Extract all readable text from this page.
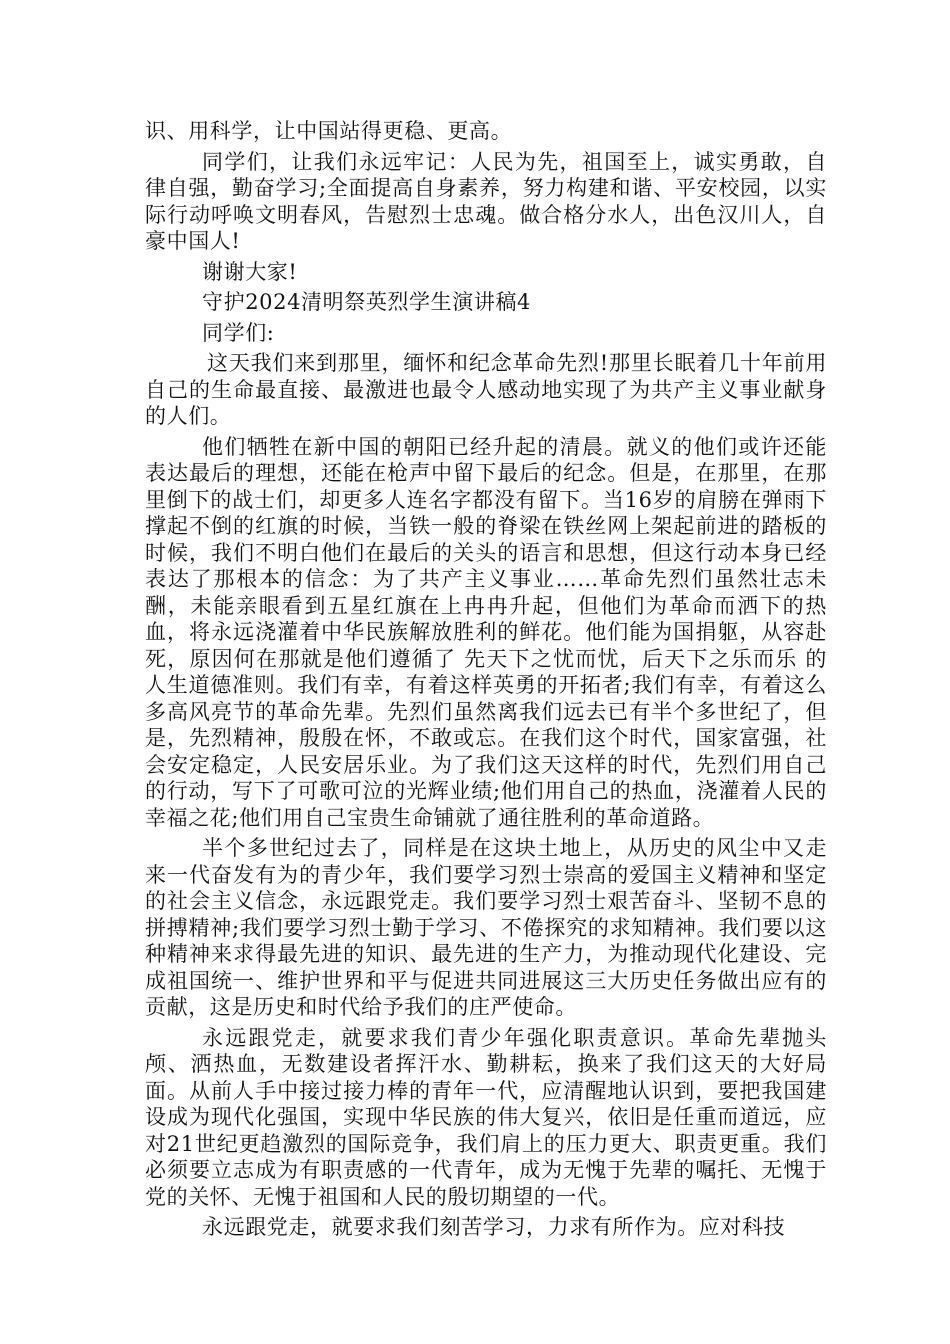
识、用科学，让中国站得更稳、更高。

同学们，让我们永远牢记：人民为先，祖国至上，诚实勇敢，自律自强，勤奋学习;全面提高自身素养，努力构建和谐、平安校园，以实际行动呼唤文明春风，告慰烈士忠魂。做合格分水人，出色汉川人，自豪中国人!

谢谢大家!

守护2024清明祭英烈学生演讲稿4

同学们:

这天我们来到那里，缅怀和纪念革命先烈!那里长眠着几十年前用自己的生命最直接、最激进也最令人感动地实现了为共产主义事业献身的人们。

他们牺牲在新中国的朝阳已经升起的清晨。就义的他们或许还能表达最后的理想，还能在枪声中留下最后的纪念。但是，在那里，在那里倒下的战士们，却更多人连名字都没有留下。当16岁的肩膀在弹雨下撑起不倒的红旗的时候，当铁一般的脊梁在铁丝网上架起前进的踏板的时候，我们不明白他们在最后的关头的语言和思想，但这行动本身已经表达了那根本的信念：为了共产主义事业……革命先烈们虽然壮志未酬，未能亲眼看到五星红旗在上冉冉升起，但他们为革命而洒下的热血，将永远浇灌着中华民族解放胜利的鲜花。他们能为国捐躯，从容赴死，原因何在那就是他们遵循了 先天下之忧而忧，后天下之乐而乐 的人生道德准则。我们有幸，有着这样英勇的开拓者;我们有幸，有着这么多高风亮节的革命先辈。先烈们虽然离我们远去已有半个多世纪了，但是，先烈精神，殷殷在怀，不敢或忘。在我们这个时代，国家富强，社会安定稳定，人民安居乐业。为了我们这天这样的时代，先烈们用自己的行动，写下了可歌可泣的光辉业绩;他们用自己的热血，浇灌着人民的幸福之花;他们用自己宝贵生命铺就了通往胜利的革命道路。

半个多世纪过去了，同样是在这块土地上，从历史的风尘中又走来一代奋发有为的青少年，我们要学习烈士崇高的爱国主义精神和坚定的社会主义信念，永远跟党走。我们要学习烈士艰苦奋斗、坚韧不息的拼搏精神;我们要学习烈士勤于学习、不倦探究的求知精神。我们要以这种精神来求得最先进的知识、最先进的生产力，为推动现代化建设、完成祖国统一、维护世界和平与促进共同进展这三大历史任务做出应有的贡献，这是历史和时代给予我们的庄严使命。

永远跟党走，就要求我们青少年强化职责意识。革命先辈抛头颅、洒热血，无数建设者挥汗水、勤耕耘，换来了我们这天的大好局面。从前人手中接过接力棒的青年一代，应清醒地认识到，要把我国建设成为现代化强国，实现中华民族的伟大复兴，依旧是任重而道远，应对21世纪更趋激烈的国际竞争，我们肩上的压力更大、职责更重。我们必须要立志成为有职责感的一代青年，成为无愧于先辈的嘱托、无愧于党的关怀、无愧于祖国和人民的殷切期望的一代。

永远跟党走，就要求我们刻苦学习，力求有所作为。应对科技
